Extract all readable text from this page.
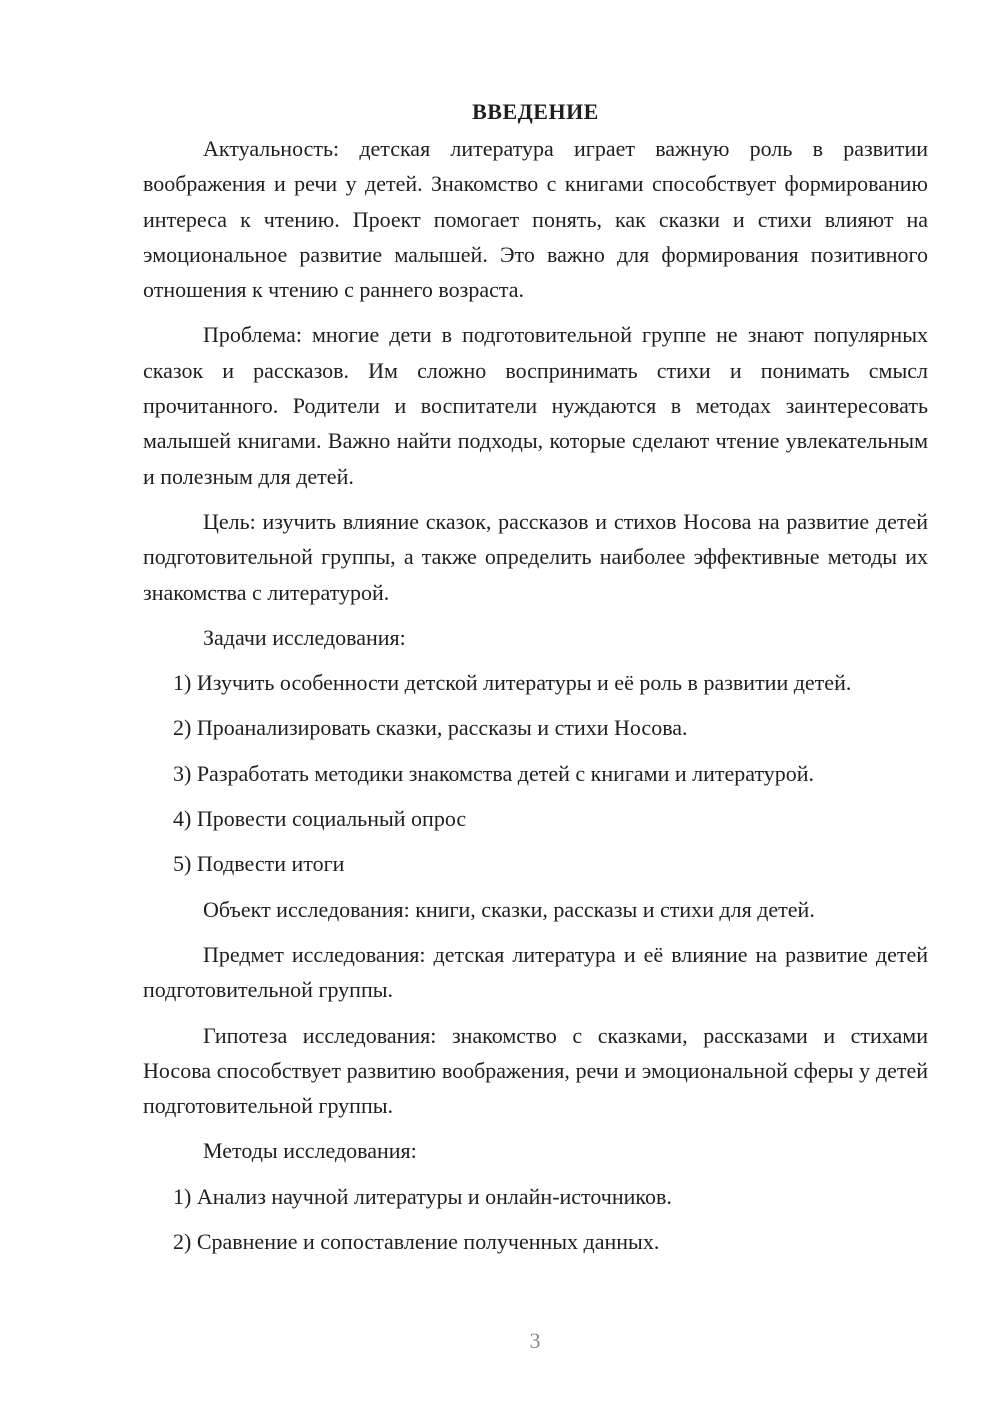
ВВЕДЕНИЕ

Актуальность: детская литература играет важную роль в развитии воображения и речи у детей. Знакомство с книгами способствует формированию интереса к чтению. Проект помогает понять, как сказки и стихи влияют на эмоциональное развитие малышей. Это важно для формирования позитивного отношения к чтению с раннего возраста.

Проблема: многие дети в подготовительной группе не знают популярных сказок и рассказов. Им сложно воспринимать стихи и понимать смысл прочитанного. Родители и воспитатели нуждаются в методах заинтересовать малышей книгами. Важно найти подходы, которые сделают чтение увлекательным и полезным для детей.

Цель: изучить влияние сказок, рассказов и стихов Носова на развитие детей подготовительной группы, а также определить наиболее эффективные методы их знакомства с литературой.

Задачи исследования:

1) Изучить особенности детской литературы и её роль в развитии детей.

2) Проанализировать сказки, рассказы и стихи Носова.

3) Разработать методики знакомства детей с книгами и литературой.

4) Провести социальный опрос

5) Подвести итоги

Объект исследования: книги, сказки, рассказы и стихи для детей.

Предмет исследования: детская литература и её влияние на развитие детей подготовительной группы.

Гипотеза исследования: знакомство с сказками, рассказами и стихами Носова способствует развитию воображения, речи и эмоциональной сферы у детей подготовительной группы.

Методы исследования:

1) Анализ научной литературы и онлайн-источников.

2) Сравнение и сопоставление полученных данных.

3
